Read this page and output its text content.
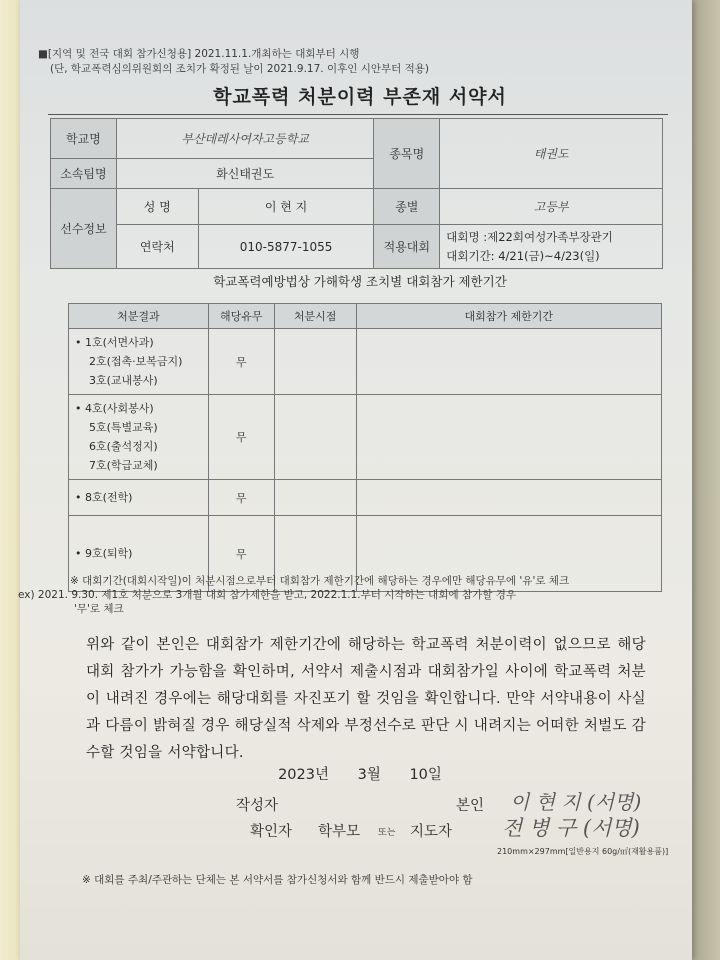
■[지역 및 전국 대회 참가신청용] 2021.11.1.개최하는 대회부터 시행
(단, 학교폭력심의위원회의 조치가 확정된 날이 2021.9.17. 이후인 시안부터 적용)
학교폭력 처분이력 부존재 서약서
학교명	부산데레사여자고등학교		종목명	태권도
소속팀명	화신태권도			
선수정보	성 명	이 현 지	종별	고등부
	연락처	010-5877-1055	적용대회	대회명 :제22회여성가족부장관기
대회기간: 4/21(금)~4/23(일)
학교폭력예방법상 가해학생 조치별 대회참가 제한기간
처분결과	해당유무	처분시점	대회참가 제한기간

• 1호(서면사과)
2호(접촉·보복금지)
3호(교내봉사)	무		

• 4호(사회봉사)
5호(특별교육)
6호(출석정지)
7호(학급교체)	무		

• 8호(전학)	무		

• 9호(퇴학)	무		
※ 대회기간(대회시작일)이 처분시점으로부터 대회참가 제한기간에 해당하는 경우에만 해당유무에 '유'로 체크
ex) 2021. 9.30. 제1호 처분으로 3개월 대회 참가제한을 받고, 2022.1.1.부터 시작하는 대회에 참가할 경우
'무'로 체크
위와 같이 본인은 대회참가 제한기간에 해당하는 학교폭력 처분이력이 없으므로 해당 대회 참가가 가능함을 확인하며, 서약서 제출시점과 대회참가일 사이에 학교폭력 처분이 내려진 경우에는 해당대회를 자진포기 할 것임을 확인합니다. 만약 서약내용이 사실과 다름이 밝혀질 경우 해당실적 삭제와 부정선수로 판단 시 내려지는 어떠한 처벌도 감수할 것임을 서약합니다.
2023년 3월 10일
작성자	본인 이 현 지 (서명)
확인자 학부모 또는 지도자 전 병 구 (서명)
210mm×297mm[일반용지 60g/㎡(재활용품)]
※ 대회를 주최/주관하는 단체는 본 서약서를 참가신청서와 함께 반드시 제출받아야 함
